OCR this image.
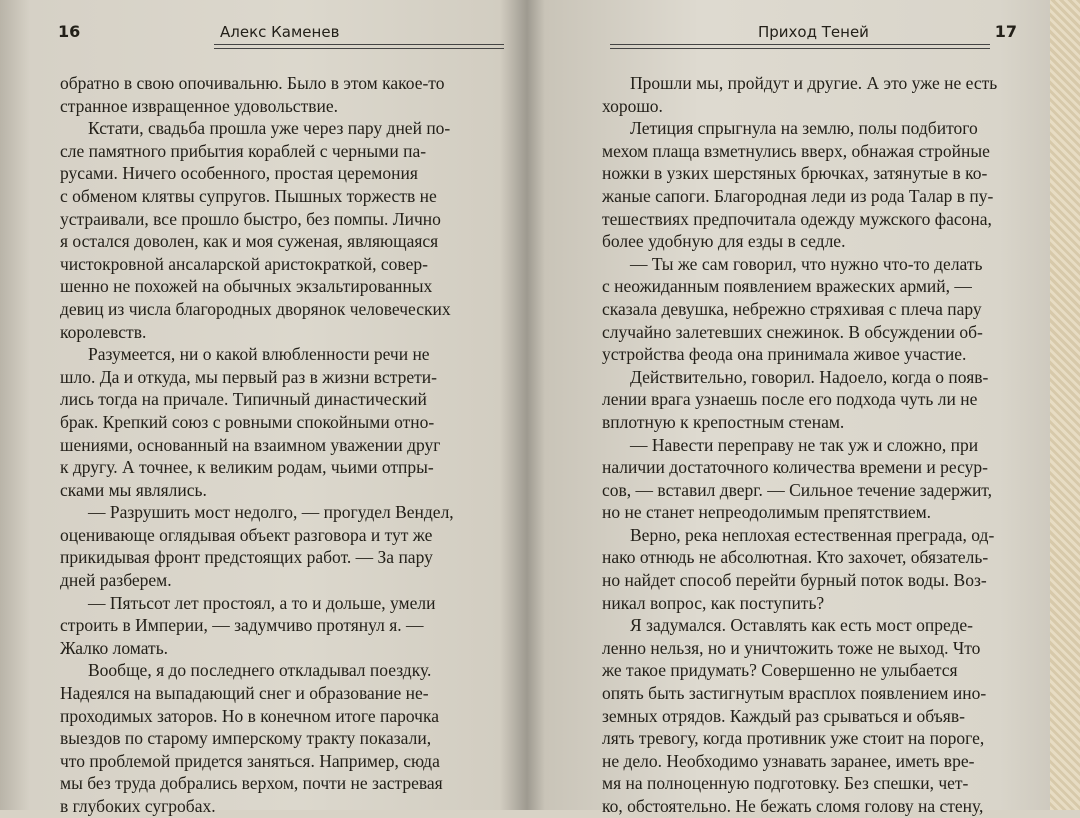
16	Алекс Каменев
обратно в свою опочивальню. Было в этом какое-то
странное извращенное удовольствие.
Кстати, свадьба прошла уже через пару дней по-
сле памятного прибытия кораблей с черными па-
русами. Ничего особенного, простая церемония
с обменом клятвы супругов. Пышных торжеств не
устраивали, все прошло быстро, без помпы. Лично
я остался доволен, как и моя суженая, являющаяся
чистокровной ансаларской аристократкой, совер-
шенно не похожей на обычных экзальтированных
девиц из числа благородных дворянок человеческих
королевств.
Разумеется, ни о какой влюбленности речи не
шло. Да и откуда, мы первый раз в жизни встрети-
лись тогда на причале. Типичный династический
брак. Крепкий союз с ровными спокойными отно-
шениями, основанный на взаимном уважении друг
к другу. А точнее, к великим родам, чьими отпры-
сками мы являлись.
— Разрушить мост недолго, — прогудел Вендел,
оценивающе оглядывая объект разговора и тут же
прикидывая фронт предстоящих работ. — За пару
дней разберем.
— Пятьсот лет простоял, а то и дольше, умели
строить в Империи, — задумчиво протянул я. —
Жалко ломать.
Вообще, я до последнего откладывал поездку.
Надеялся на выпадающий снег и образование не-
проходимых заторов. Но в конечном итоге парочка
выездов по старому имперскому тракту показали,
что проблемой придется заняться. Например, сюда
мы без труда добрались верхом, почти не застревая
в глубоких сугробах.
Приход Теней	17
Прошли мы, пройдут и другие. А это уже не есть
хорошо.
Летиция спрыгнула на землю, полы подбитого
мехом плаща взметнулись вверх, обнажая стройные
ножки в узких шерстяных брючках, затянутые в ко-
жаные сапоги. Благородная леди из рода Талар в пу-
тешествиях предпочитала одежду мужского фасона,
более удобную для езды в седле.
— Ты же сам говорил, что нужно что-то делать
с неожиданным появлением вражеских армий, —
сказала девушка, небрежно стряхивая с плеча пару
случайно залетевших снежинок. В обсуждении об-
устройства феода она принимала живое участие.
Действительно, говорил. Надоело, когда о появ-
лении врага узнаешь после его подхода чуть ли не
вплотную к крепостным стенам.
— Навести переправу не так уж и сложно, при
наличии достаточного количества времени и ресур-
сов, — вставил дверг. — Сильное течение задержит,
но не станет непреодолимым препятствием.
Верно, река неплохая естественная преграда, од-
нако отнюдь не абсолютная. Кто захочет, обязатель-
но найдет способ перейти бурный поток воды. Воз-
никал вопрос, как поступить?
Я задумался. Оставлять как есть мост опреде-
ленно нельзя, но и уничтожить тоже не выход. Что
же такое придумать? Совершенно не улыбается
опять быть застигнутым врасплох появлением ино-
земных отрядов. Каждый раз срываться и объяв-
лять тревогу, когда противник уже стоит на пороге,
не дело. Необходимо узнавать заранее, иметь вре-
мя на полноценную подготовку. Без спешки, чет-
ко, обстоятельно. Не бежать сломя голову на стену,
